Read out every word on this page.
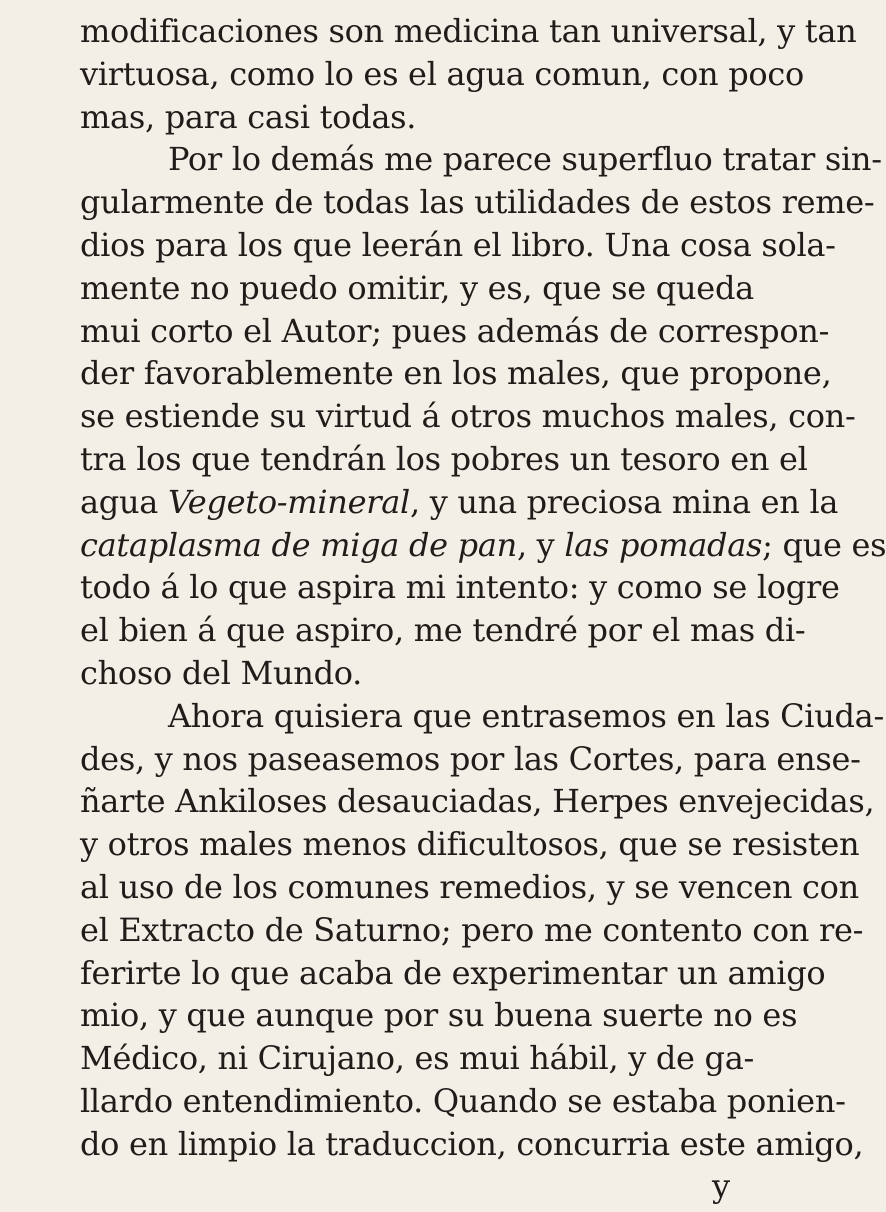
modificaciones son medicina tan universal, y tan
virtuosa, como lo es el agua comun, con poco
mas, para casi todas.
Por lo demás me parece superfluo tratar sin-
gularmente de todas las utilidades de estos reme-
dios para los que leerán el libro. Una cosa sola-
mente no puedo omitir, y es, que se queda
mui corto el Autor; pues además de correspon-
der favorablemente en los males, que propone,
se estiende su virtud á otros muchos males, con-
tra los que tendrán los pobres un tesoro en el
agua Vegeto-mineral, y una preciosa mina en la
cataplasma de miga de pan, y las pomadas; que es
todo á lo que aspira mi intento: y como se logre
el bien á que aspiro, me tendré por el mas di-
choso del Mundo.
Ahora quisiera que entrasemos en las Ciuda-
des, y nos paseasemos por las Cortes, para ense-
ñarte Ankiloses desauciadas, Herpes envejecidas,
y otros males menos dificultosos, que se resisten
al uso de los comunes remedios, y se vencen con
el Extracto de Saturno; pero me contento con re-
ferirte lo que acaba de experimentar un amigo
mio, y que aunque por su buena suerte no es
Médico, ni Cirujano, es mui hábil, y de ga-
llardo entendimiento. Quando se estaba ponien-
do en limpio la traduccion, concurria este amigo,
y
